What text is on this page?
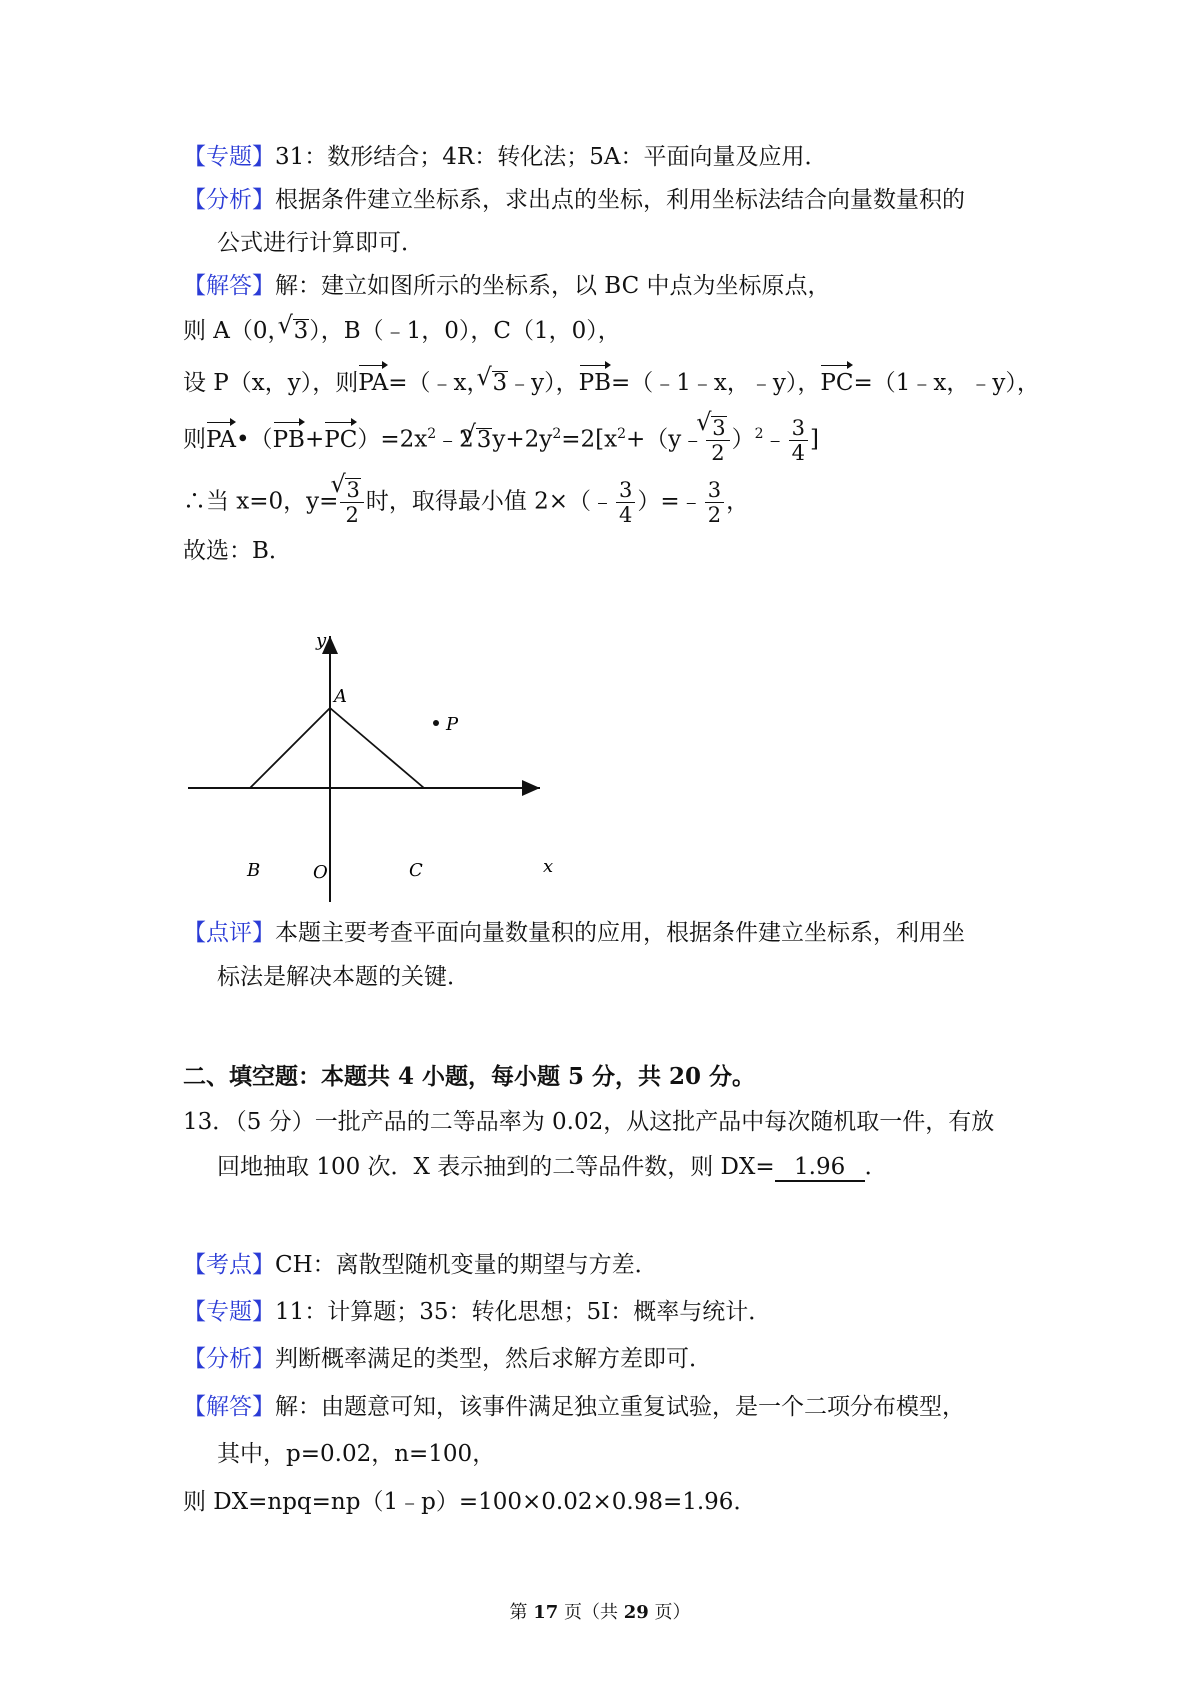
【专题】31：数形结合；4R：转化法；5A：平面向量及应用．
【分析】根据条件建立坐标系，求出点的坐标，利用坐标法结合向量数量积的
公式进行计算即可．
【解答】解：建立如图所示的坐标系，以 BC 中点为坐标原点，
则 A（0，√ 3），B（﹣1，0），C（1，0），
设 P（x，y），则PA=（﹣x，√ 3﹣y），PB=（﹣1﹣x，﹣y），PC=（1﹣x，﹣y），
则$PA•(PB+PC)=2x^2﹣2√$ $3y+2y^2=2[x^2+(y﹣$
√ $\frac{3}{2}$ ）$^2$﹣ $\frac{3}{4}$ ]
∴当 x=0，y=
√ $\frac{3}{2}$ 时，取得最小值 2×（﹣ $\frac{3}{4}$ ）=﹣ $\frac{3}{2}$ ，
故选：B．
y
x
A
B	O	C
P
【点评】本题主要考查平面向量数量积的应用，根据条件建立坐标系，利用坐
标法是解决本题的关键．
二、填空题：本题共 4 小题，每小题 5 分，共 20 分。
13．（5 分）一批产品的二等品率为 0.02，从这批产品中每次随机取一件，有放
回地抽取 100 次．X 表示抽到的二等品件数，则 DX= 1.96 ．
【考点】CH：离散型随机变量的期望与方差．
【专题】11：计算题；35：转化思想；5I：概率与统计．
【分析】判断概率满足的类型，然后求解方差即可．
【解答】解：由题意可知，该事件满足独立重复试验，是一个二项分布模型，
其中，p=0.02，n=100，
则 DX=npq=np（1﹣p）=100×0.02×0.98=1.96．
第 17 页（共 29 页）
